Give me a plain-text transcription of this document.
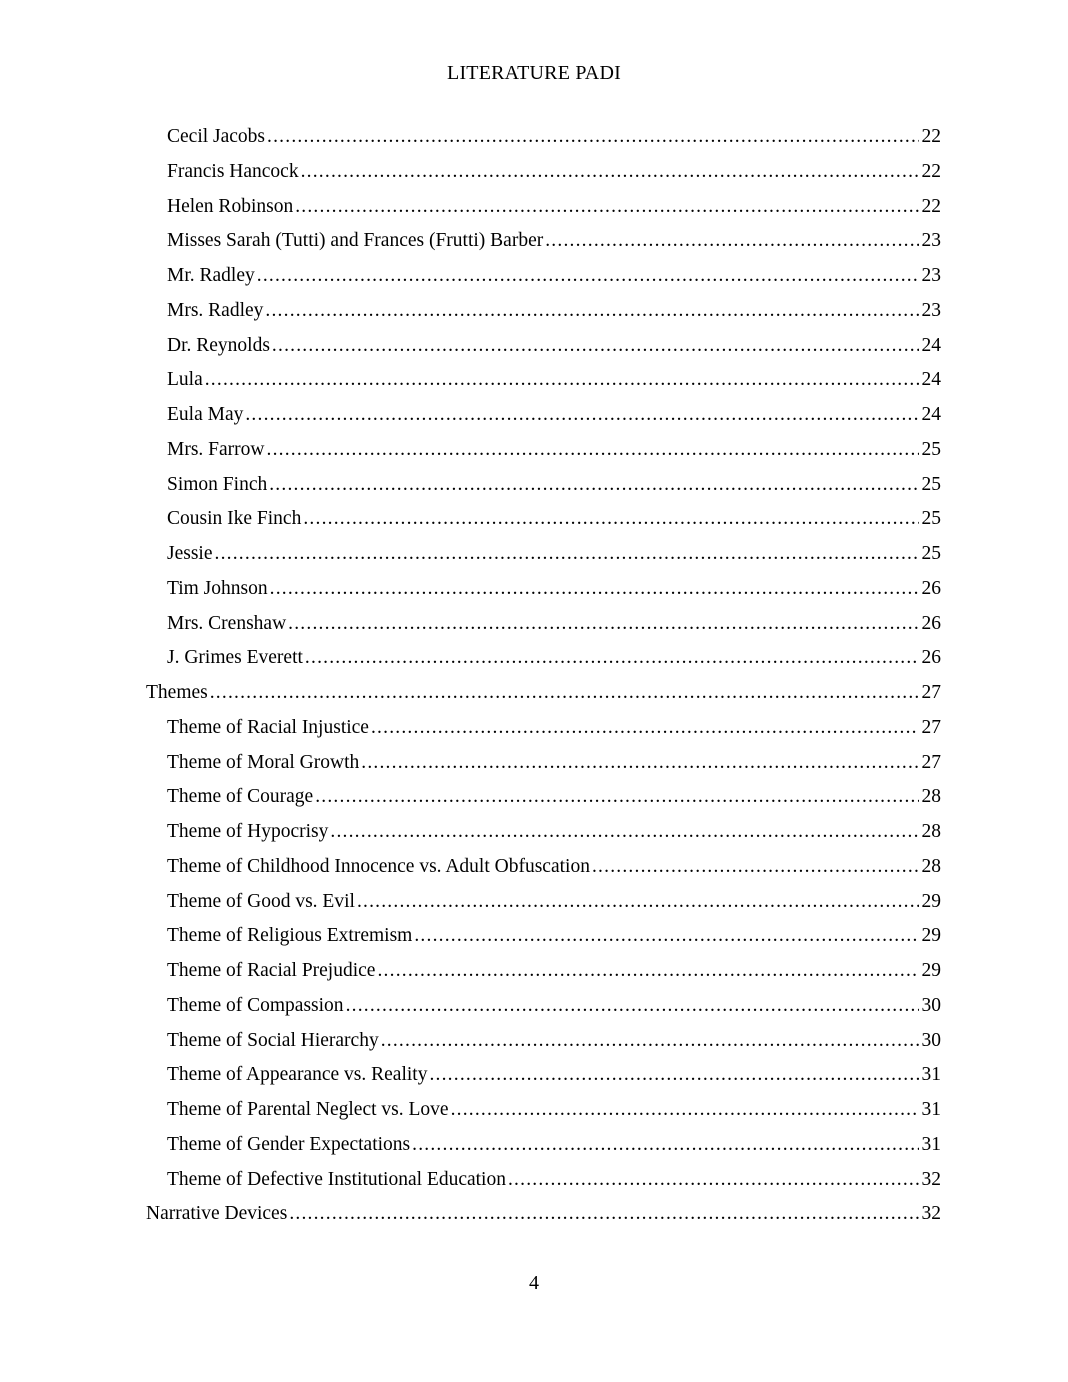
LITERATURE PADI
Cecil Jacobs .....	22
Francis Hancock .....	22
Helen Robinson .....	22
Misses Sarah (Tutti) and Frances (Frutti) Barber .....	23
Mr. Radley .....	23
Mrs. Radley .....	23
Dr. Reynolds .....	24
Lula .....	24
Eula May .....	24
Mrs. Farrow .....	25
Simon Finch .....	25
Cousin Ike Finch .....	25
Jessie .....	25
Tim Johnson .....	26
Mrs. Crenshaw .....	26
J. Grimes Everett .....	26
Themes .....	27
Theme of Racial Injustice .....	27
Theme of Moral Growth .....	27
Theme of Courage .....	28
Theme of Hypocrisy .....	28
Theme of Childhood Innocence vs. Adult Obfuscation .....	28
Theme of Good vs. Evil .....	29
Theme of Religious Extremism .....	29
Theme of Racial Prejudice .....	29
Theme of Compassion .....	30
Theme of Social Hierarchy .....	30
Theme of Appearance vs. Reality .....	31
Theme of Parental Neglect vs. Love .....	31
Theme of Gender Expectations .....	31
Theme of Defective Institutional Education .....	32
Narrative Devices .....	32
4
